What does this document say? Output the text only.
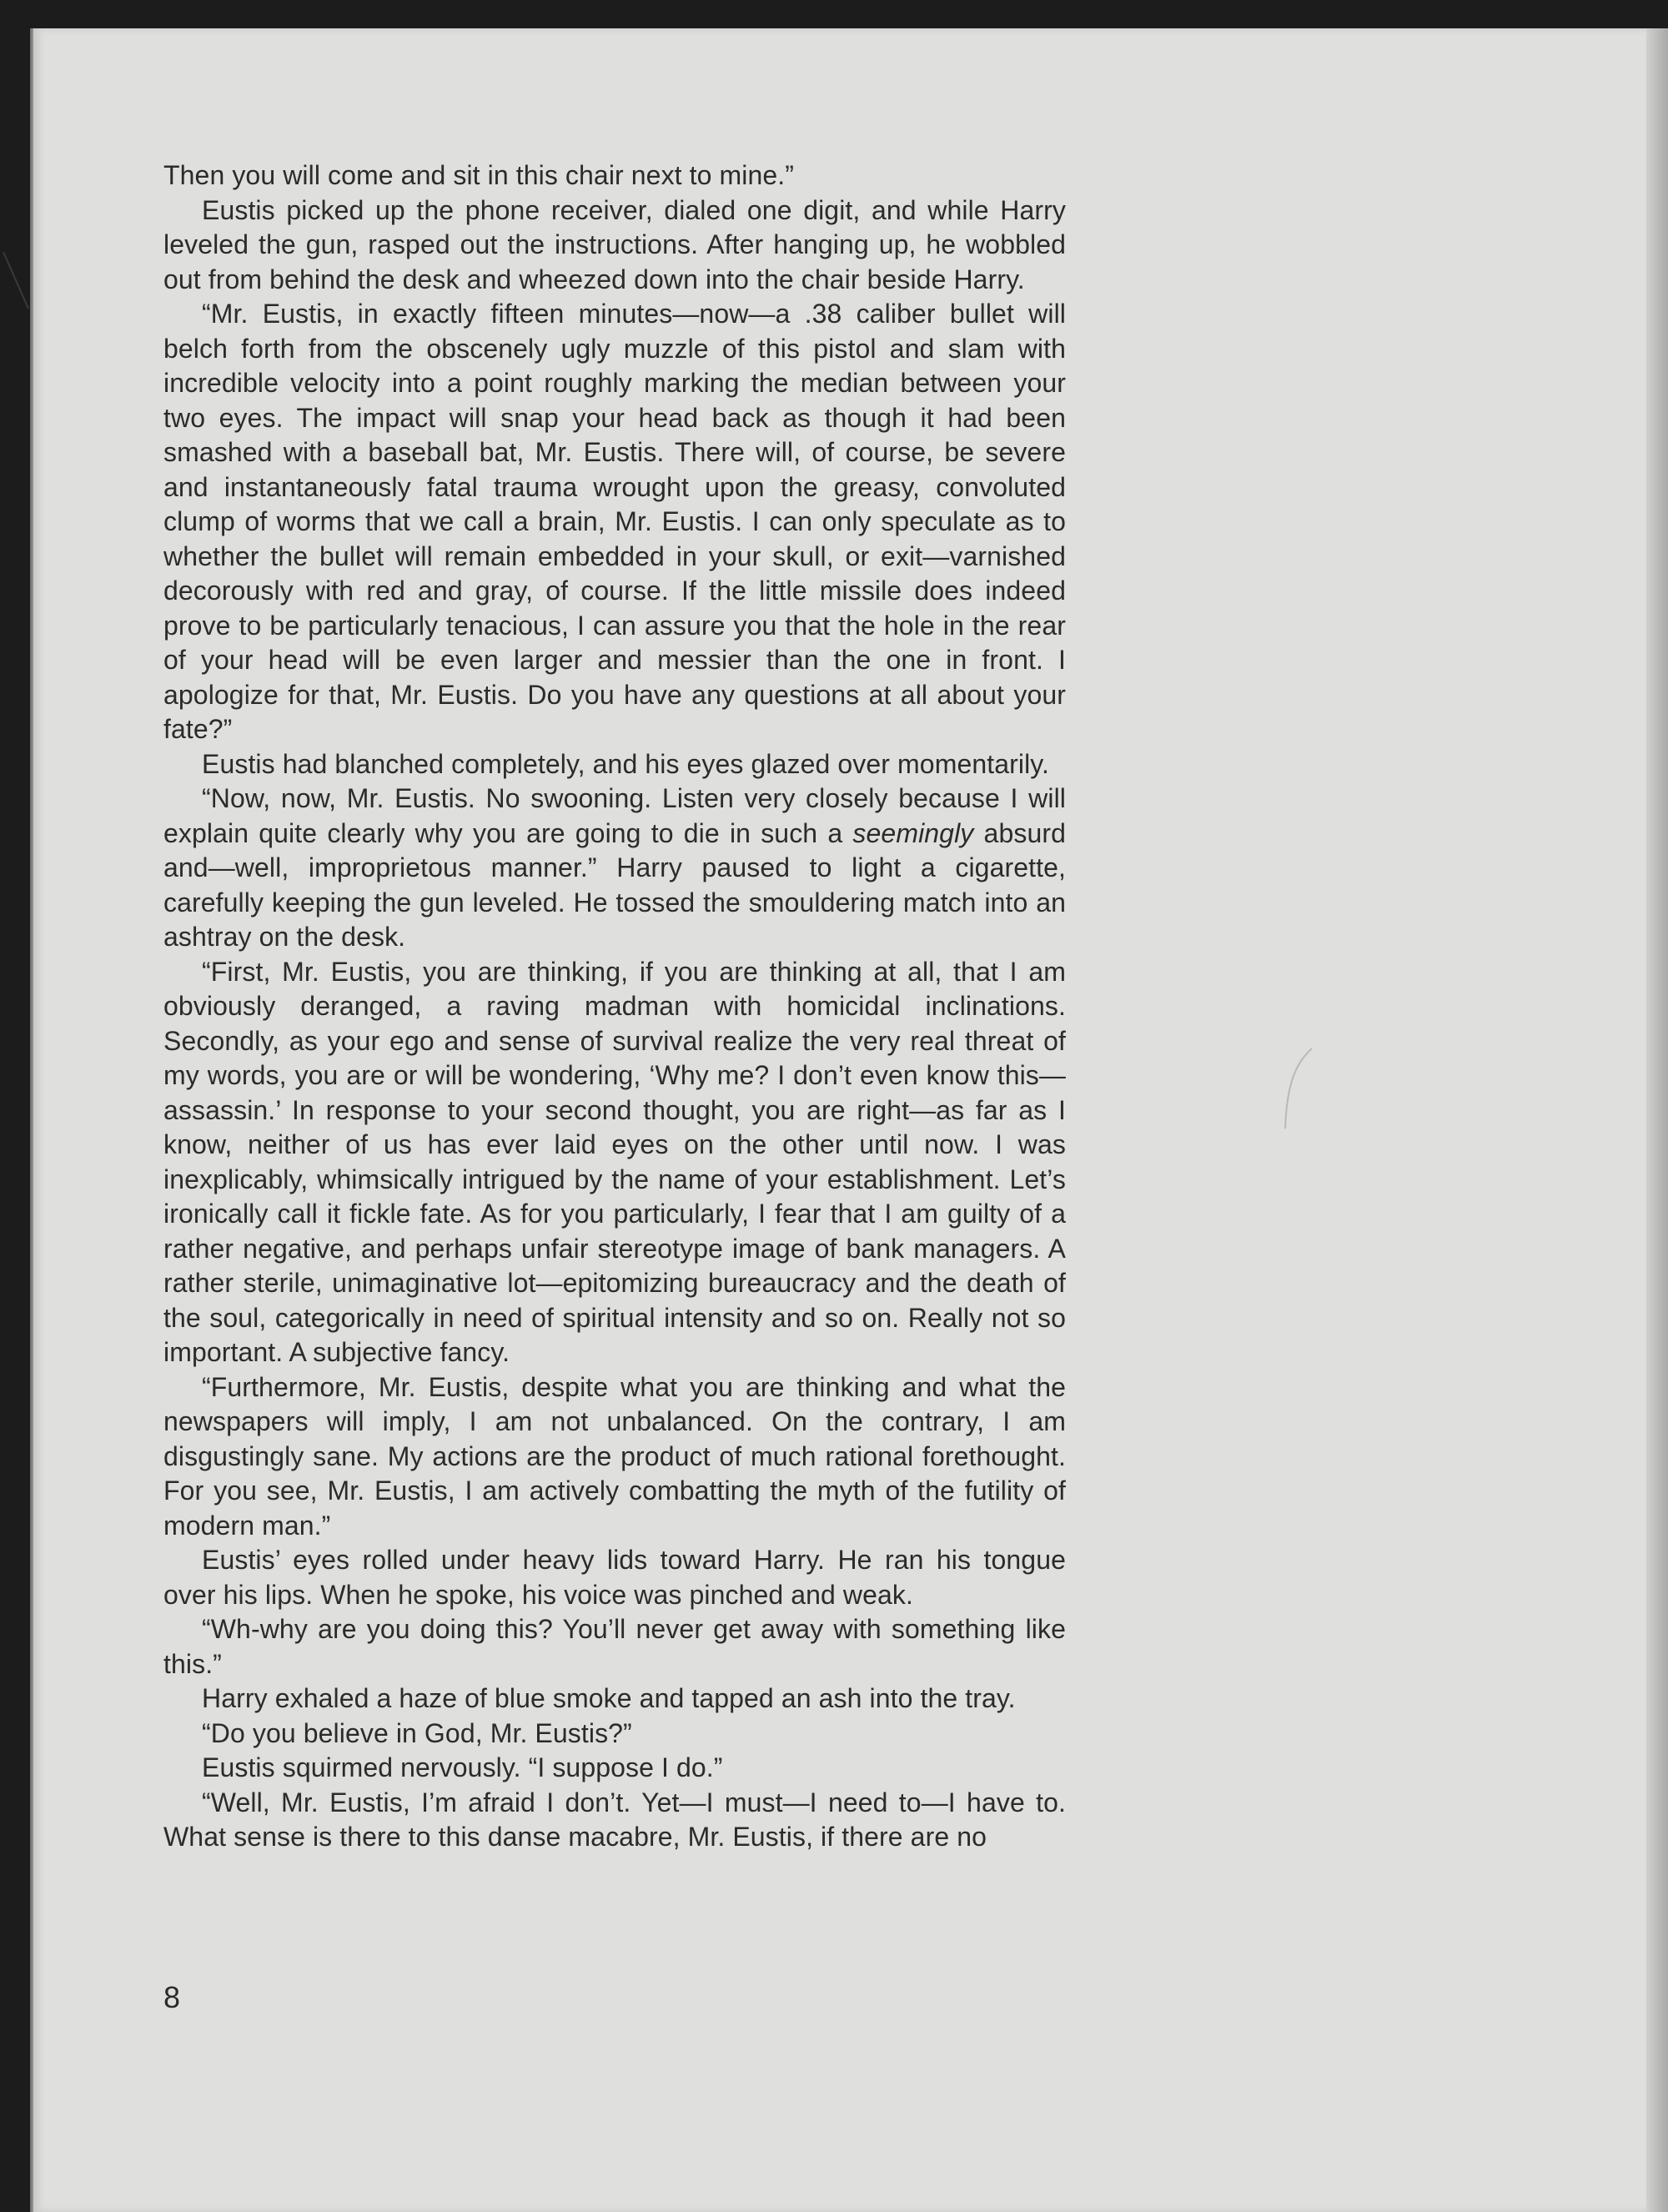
Then you will come and sit in this chair next to mine.”

Eustis picked up the phone receiver, dialed one digit, and while Harry leveled the gun, rasped out the instructions. After hanging up, he wobbled out from behind the desk and wheezed down into the chair beside Harry.

“Mr. Eustis, in exactly fifteen minutes—now—a .38 caliber bullet will belch forth from the obscenely ugly muzzle of this pistol and slam with incredible velocity into a point roughly marking the median between your two eyes. The impact will snap your head back as though it had been smashed with a baseball bat, Mr. Eustis. There will, of course, be severe and instantaneously fatal trauma wrought upon the greasy, convoluted clump of worms that we call a brain, Mr. Eustis. I can only speculate as to whether the bullet will remain embedded in your skull, or exit—varnished decorously with red and gray, of course. If the little missile does indeed prove to be particularly tenacious, I can assure you that the hole in the rear of your head will be even larger and messier than the one in front. I apologize for that, Mr. Eustis. Do you have any questions at all about your fate?”

Eustis had blanched completely, and his eyes glazed over momentarily.

“Now, now, Mr. Eustis. No swooning. Listen very closely because I will explain quite clearly why you are going to die in such a seemingly absurd and—well, improprietous manner.” Harry paused to light a cigarette, carefully keeping the gun leveled. He tossed the smouldering match into an ashtray on the desk.

“First, Mr. Eustis, you are thinking, if you are thinking at all, that I am obviously deranged, a raving madman with homicidal inclinations. Secondly, as your ego and sense of survival realize the very real threat of my words, you are or will be wondering, ‘Why me? I don’t even know this—assassin.’ In response to your second thought, you are right—as far as I know, neither of us has ever laid eyes on the other until now. I was inexplicably, whimsically intrigued by the name of your establishment. Let’s ironically call it fickle fate. As for you particularly, I fear that I am guilty of a rather negative, and perhaps unfair stereotype image of bank managers. A rather sterile, unimaginative lot—epitomizing bureaucracy and the death of the soul, categorically in need of spiritual intensity and so on. Really not so important. A subjective fancy.

“Furthermore, Mr. Eustis, despite what you are thinking and what the newspapers will imply, I am not unbalanced. On the contrary, I am disgustingly sane. My actions are the product of much rational forethought. For you see, Mr. Eustis, I am actively combatting the myth of the futility of modern man.”

Eustis’ eyes rolled under heavy lids toward Harry. He ran his tongue over his lips. When he spoke, his voice was pinched and weak.

“Wh-why are you doing this? You’ll never get away with something like this.”

Harry exhaled a haze of blue smoke and tapped an ash into the tray.

“Do you believe in God, Mr. Eustis?”

Eustis squirmed nervously. “I suppose I do.”

“Well, Mr. Eustis, I’m afraid I don’t. Yet—I must—I need to—I have to. What sense is there to this danse macabre, Mr. Eustis, if there are no

8
